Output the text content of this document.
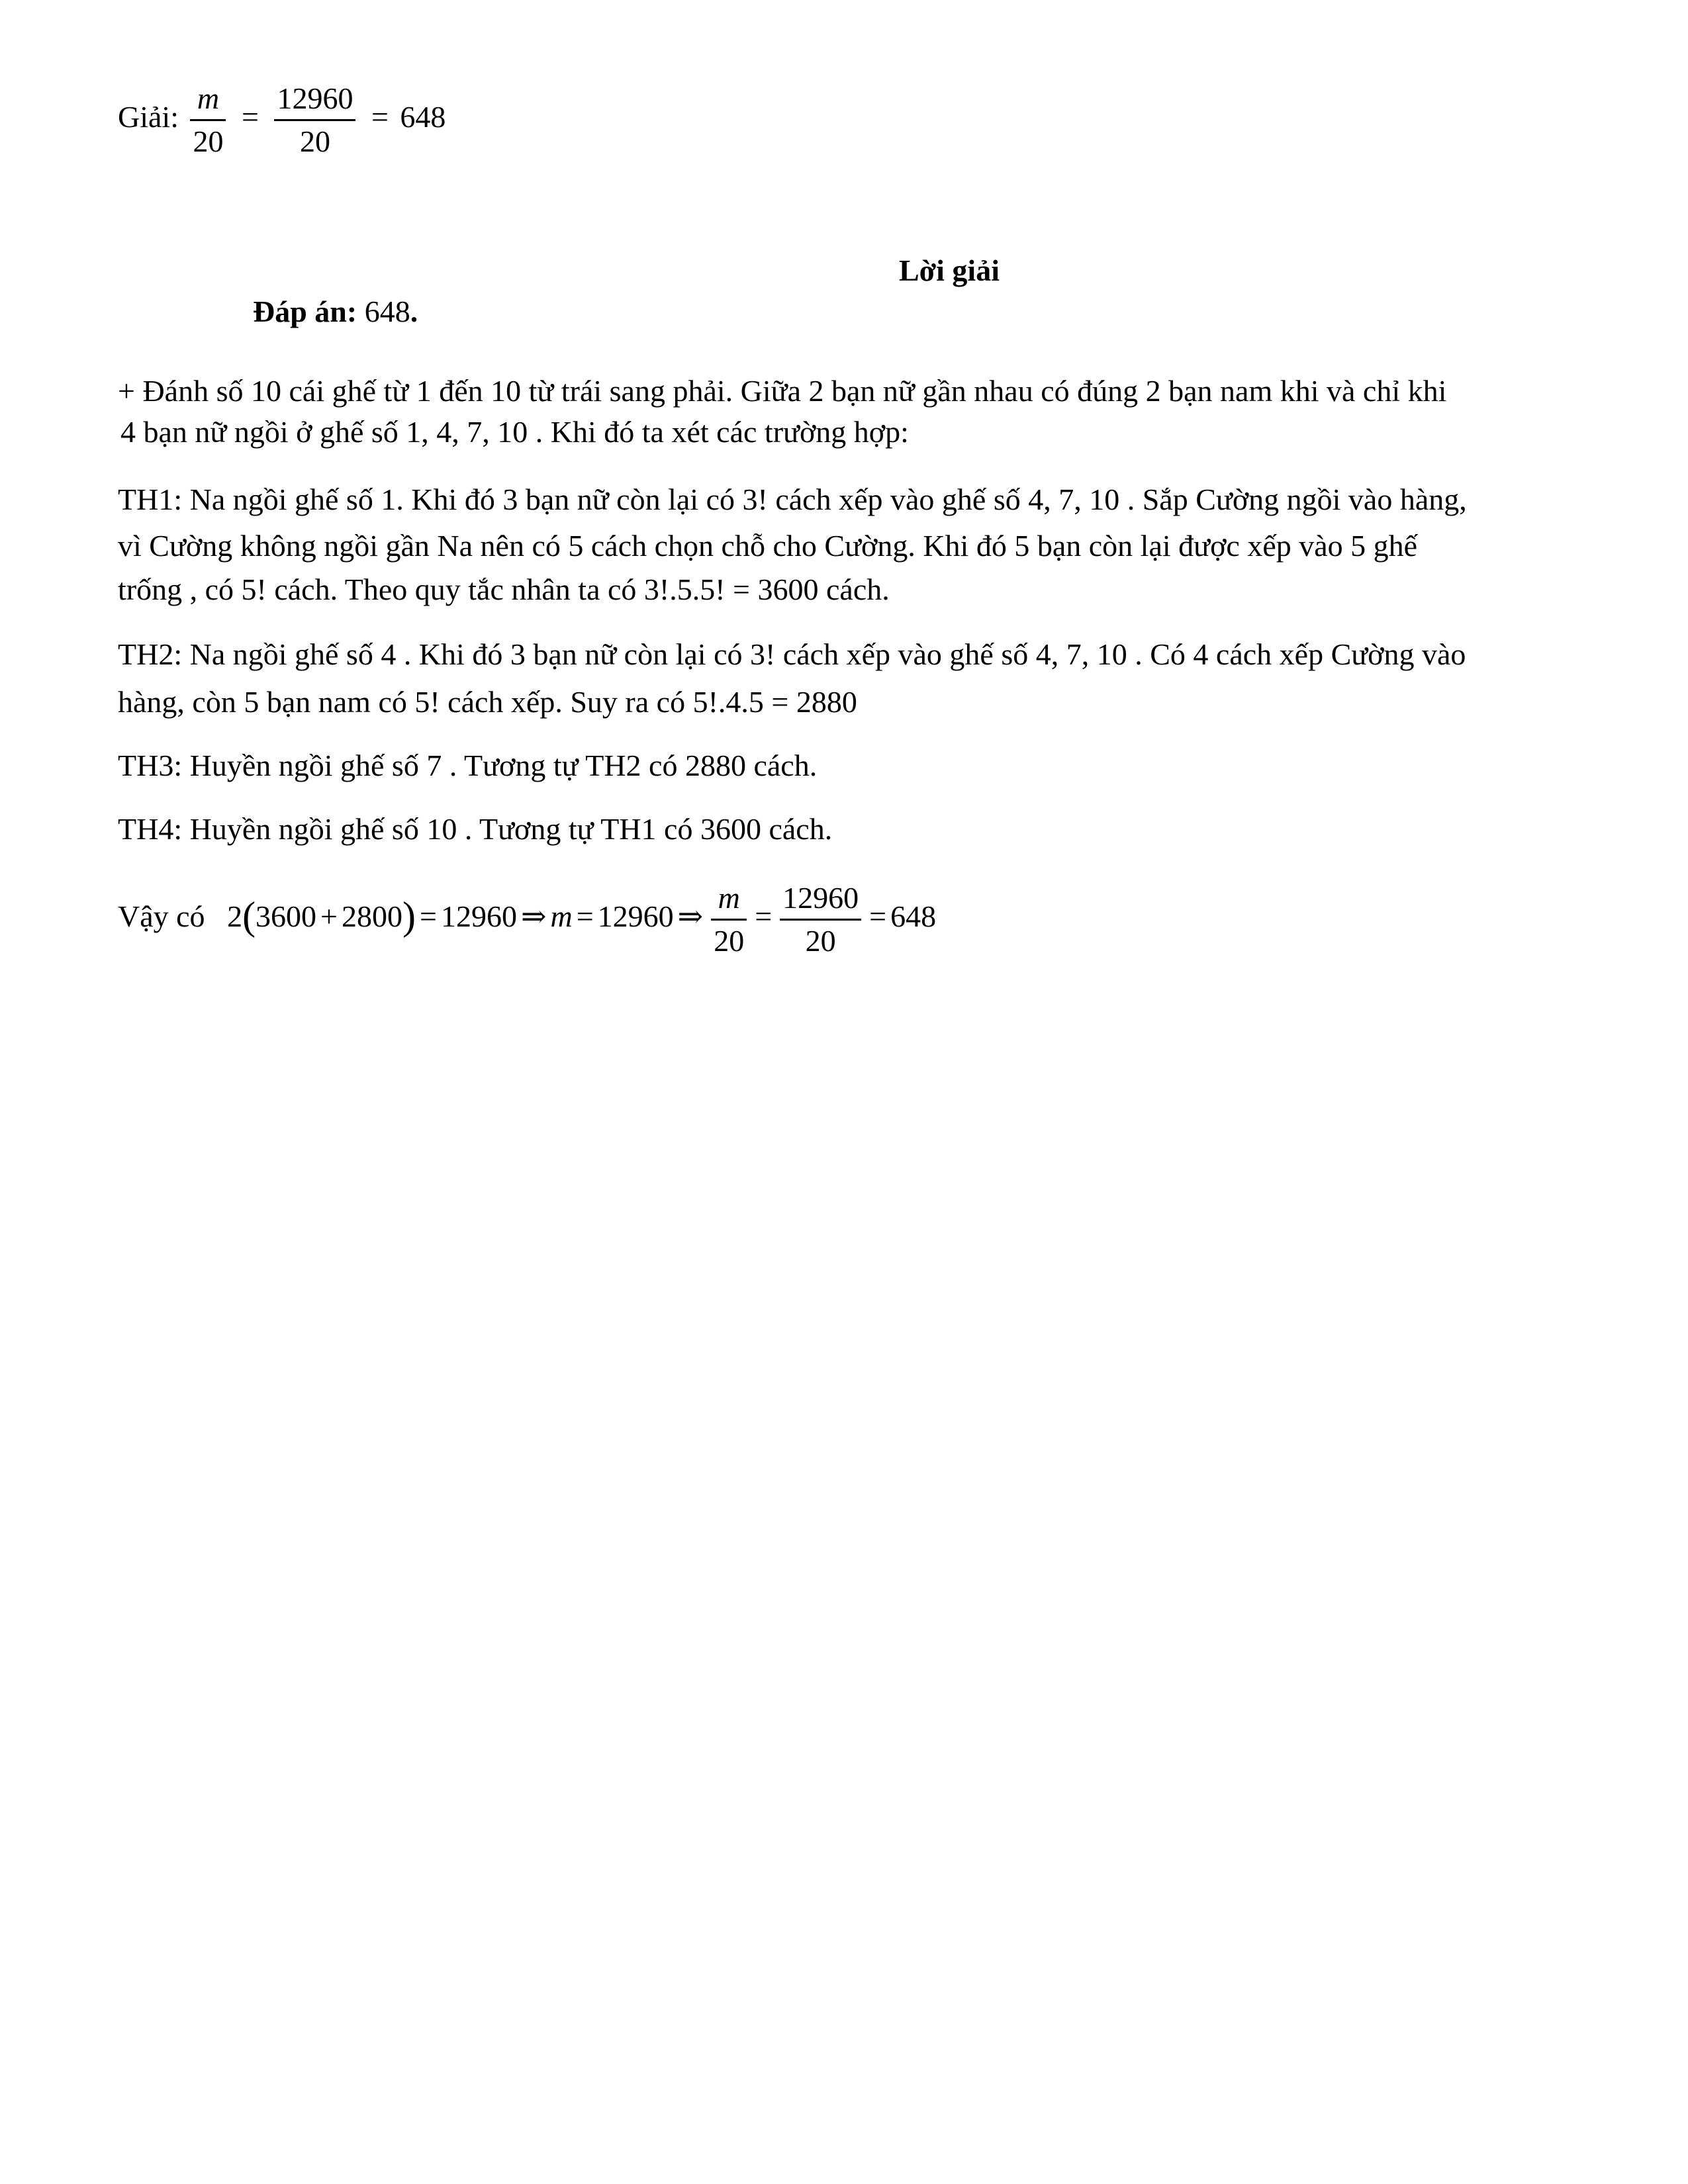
Giải: $\frac{m}{20} = \frac{12960}{20} = 648$
Lời giải
Đáp án: 648.
+ Đánh số 10 cái ghế từ 1 đến 10 từ trái sang phải. Giữa 2 bạn nữ gần nhau có đúng 2 bạn nam khi và chỉ khi
4 bạn nữ ngồi ở ghế số 1, 4, 7, 10 . Khi đó ta xét các trường hợp:
TH1: Na ngồi ghế số 1. Khi đó 3 bạn nữ còn lại có 3! cách xếp vào ghế số 4, 7, 10 . Sắp Cường ngồi vào hàng,
vì Cường không ngồi gần Na nên có 5 cách chọn chỗ cho Cường. Khi đó 5 bạn còn lại được xếp vào 5 ghế
trống , có 5! cách. Theo quy tắc nhân ta có 3!.5.5! = 3600 cách.
TH2: Na ngồi ghế số 4 . Khi đó 3 bạn nữ còn lại có 3! cách xếp vào ghế số 4, 7, 10 . Có 4 cách xếp Cường vào
hàng, còn 5 bạn nam có 5! cách xếp. Suy ra có 5!.4.5 = 2880
TH3: Huyền ngồi ghế số 7 . Tương tự TH2 có 2880 cách.
TH4: Huyền ngồi ghế số 10 . Tương tự TH1 có 3600 cách.
Vậy có 2(3600 + 2800) = 12960 ⇒ m = 12960 ⇒ $\frac{m}{20} = \frac{12960}{20} = 648$
